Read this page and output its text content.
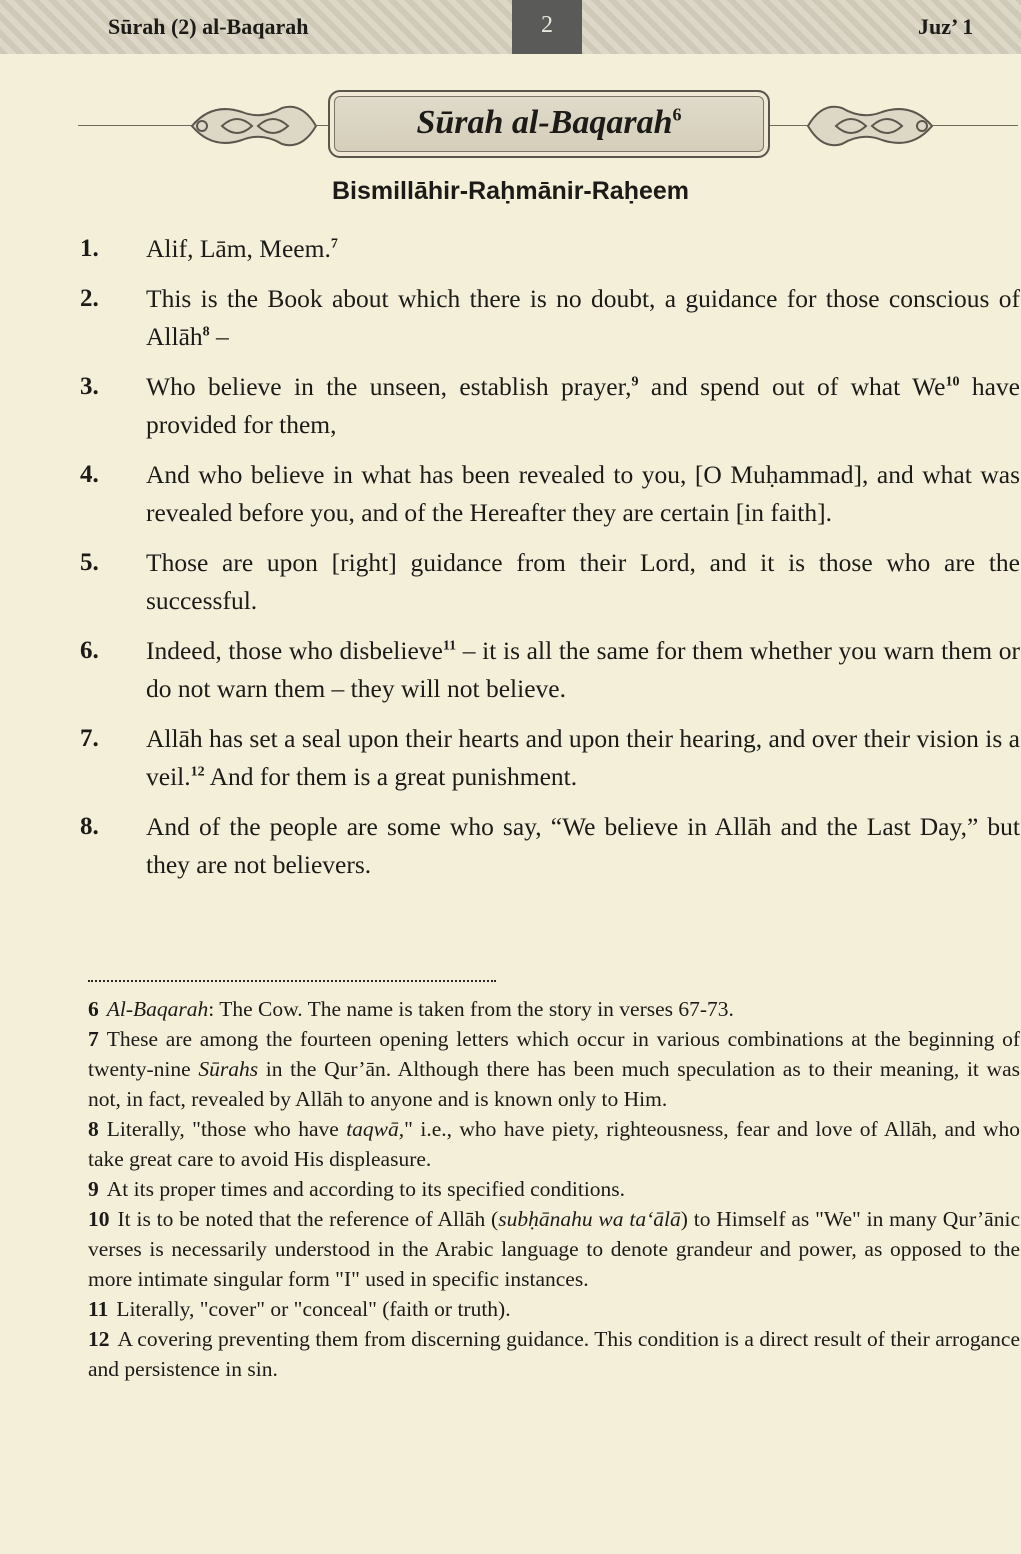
Sūrah (2) al-Baqarah	2	Juz’ 1
Sūrah al-Baqarah$^6$
Bismillāhir-Raḥmānir-Raḥeem
1.	Alif, Lām, Meem.$^7$
2.	This is the Book about which there is no doubt, a guidance for those conscious of Allāh$^8$ –
3.	Who believe in the unseen, establish prayer,$^9$ and spend out of what We$^{10}$ have provided for them,
4.	And who believe in what has been revealed to you, [O Muḥammad], and what was revealed before you, and of the Hereafter they are certain [in faith].
5.	Those are upon [right] guidance from their Lord, and it is those who are the successful.
6.	Indeed, those who disbelieve$^{11}$ – it is all the same for them whether you warn them or do not warn them – they will not believe.
7.	Allāh has set a seal upon their hearts and upon their hearing, and over their vision is a veil.$^{12}$ And for them is a great punishment.
8.	And of the people are some who say, “We believe in Allāh and the Last Day,” but they are not believers.
6 Al-Baqarah: The Cow. The name is taken from the story in verses 67-73.
7 These are among the fourteen opening letters which occur in various combinations at the beginning of twenty-nine Sūrahs in the Qur’ān. Although there has been much speculation as to their meaning, it was not, in fact, revealed by Allāh to anyone and is known only to Him.
8 Literally, "those who have taqwā," i.e., who have piety, righteousness, fear and love of Allāh, and who take great care to avoid His displeasure.
9 At its proper times and according to its specified conditions.
10 It is to be noted that the reference of Allāh (subḥānahu wa ta‘ālā) to Himself as "We" in many Qur’ānic verses is necessarily understood in the Arabic language to denote grandeur and power, as opposed to the more intimate singular form "I" used in specific instances.
11 Literally, "cover" or "conceal" (faith or truth).
12 A covering preventing them from discerning guidance. This condition is a direct result of their arrogance and persistence in sin.
